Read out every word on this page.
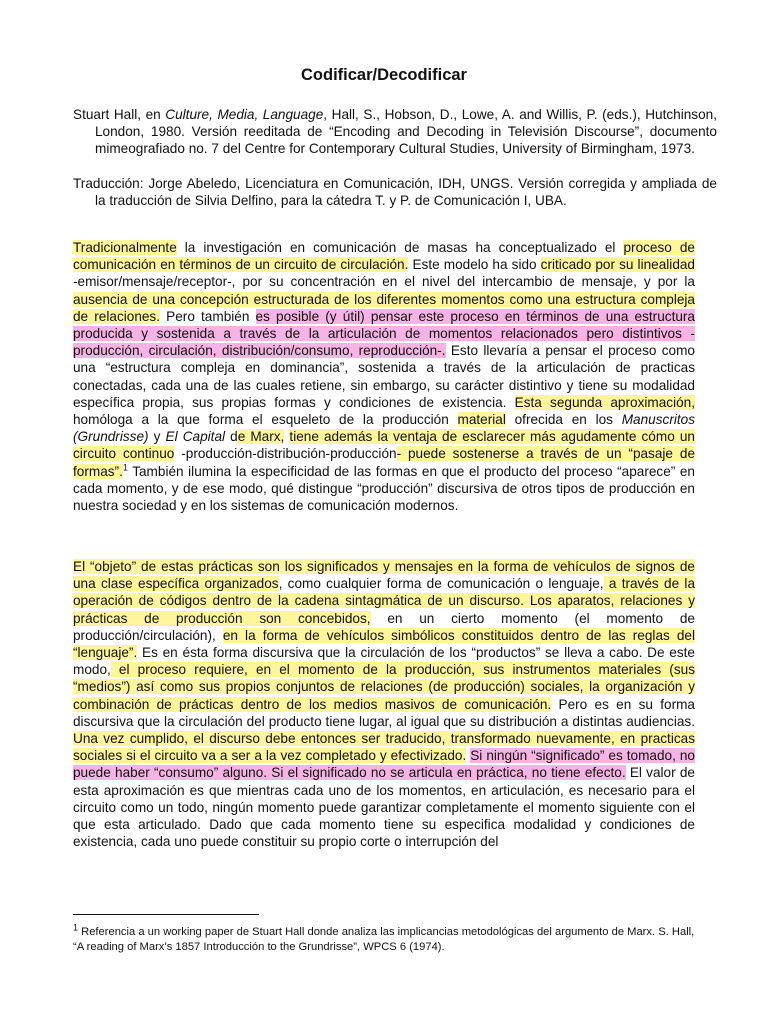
Codificar/Decodificar

Stuart Hall, en Culture, Media, Language, Hall, S., Hobson, D., Lowe, A. and Willis, P. (eds.), Hutchinson, London, 1980. Versión reeditada de “Encoding and Decoding in Televisión Discourse”, documento mimeografiado no. 7 del Centre for Contemporary Cultural Studies, University of Birmingham, 1973.

Traducción: Jorge Abeledo, Licenciatura en Comunicación, IDH, UNGS. Versión corregida y ampliada de la traducción de Silvia Delfino, para la cátedra T. y P. de Comunicación I, UBA.

Tradicionalmente la investigación en comunicación de masas ha conceptualizado el proceso de comunicación en términos de un circuito de circulación. Este modelo ha sido criticado por su linealidad -emisor/mensaje/receptor-, por su concentración en el nivel del intercambio de mensaje, y por la ausencia de una concepción estructurada de los diferentes momentos como una estructura compleja de relaciones. Pero también es posible (y útil) pensar este proceso en términos de una estructura producida y sostenida a través de la articulación de momentos relacionados pero distintivos -producción, circulación, distribución/consumo, reproducción-. Esto llevaría a pensar el proceso como una “estructura compleja en dominancia”, sostenida a través de la articulación de practicas conectadas, cada una de las cuales retiene, sin embargo, su carácter distintivo y tiene su modalidad específica propia, sus propias formas y condiciones de existencia. Esta segunda aproximación, homóloga a la que forma el esqueleto de la producción material ofrecida en los Manuscritos (Grundrisse) y El Capital de Marx, tiene además la ventaja de esclarecer más agudamente cómo un circuito continuo -producción-distribución-producción- puede sostenerse a través de un “pasaje de formas”.$^1$ También ilumina la especificidad de las formas en que el producto del proceso “aparece” en cada momento, y de ese modo, qué distingue “producción” discursiva de otros tipos de producción en nuestra sociedad y en los sistemas de comunicación modernos.

El “objeto” de estas prácticas son los significados y mensajes en la forma de vehículos de signos de una clase específica organizados, como cualquier forma de comunicación o lenguaje, a través de la operación de códigos dentro de la cadena sintagmática de un discurso. Los aparatos, relaciones y prácticas de producción son concebidos, en un cierto momento (el momento de producción/circulación), en la forma de vehículos simbólicos constituidos dentro de las reglas del “lenguaje”. Es en ésta forma discursiva que la circulación de los “productos” se lleva a cabo. De este modo, el proceso requiere, en el momento de la producción, sus instrumentos materiales (sus “medios”) así como sus propios conjuntos de relaciones (de producción) sociales, la organización y combinación de prácticas dentro de los medios masivos de comunicación. Pero es en su forma discursiva que la circulación del producto tiene lugar, al igual que su distribución a distintas audiencias. Una vez cumplido, el discurso debe entonces ser traducido, transformado nuevamente, en practicas sociales si el circuito va a ser a la vez completado y efectivizado. Si ningún “significado” es tomado, no puede haber “consumo” alguno. Si el significado no se articula en práctica, no tiene efecto. El valor de esta aproximación es que mientras cada uno de los momentos, en articulación, es necesario para el circuito como un todo, ningún momento puede garantizar completamente el momento siguiente con el que esta articulado. Dado que cada momento tiene su especifica modalidad y condiciones de existencia, cada uno puede constituir su propio corte o interrupción del

$^1$ Referencia a un working paper de Stuart Hall donde analiza las implicancias metodológicas del argumento de Marx. S. Hall, “A reading of Marx’s 1857 Introducción to the Grundrisse”, WPCS 6 (1974).
